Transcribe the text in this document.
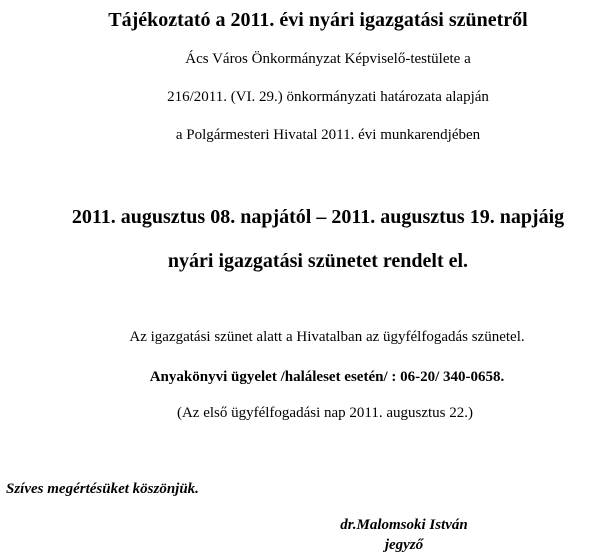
Tájékoztató a 2011. évi nyári igazgatási szünetről
Ács Város Önkormányzat Képviselő-testülete a
216/2011. (VI. 29.) önkormányzati határozata alapján
a Polgármesteri Hivatal 2011. évi munkarendjében
2011. augusztus 08. napjától – 2011. augusztus 19. napjáig
nyári igazgatási szünetet rendelt el.
Az igazgatási szünet alatt a Hivatalban az ügyfélfogadás szünetel.
Anyakönyvi ügyelet /haláleset esetén/ : 06-20/ 340-0658.
(Az első ügyfélfogadási nap 2011. augusztus 22.)
Szíves megértésüket köszönjük.
dr.Malomsoki István
jegyző
